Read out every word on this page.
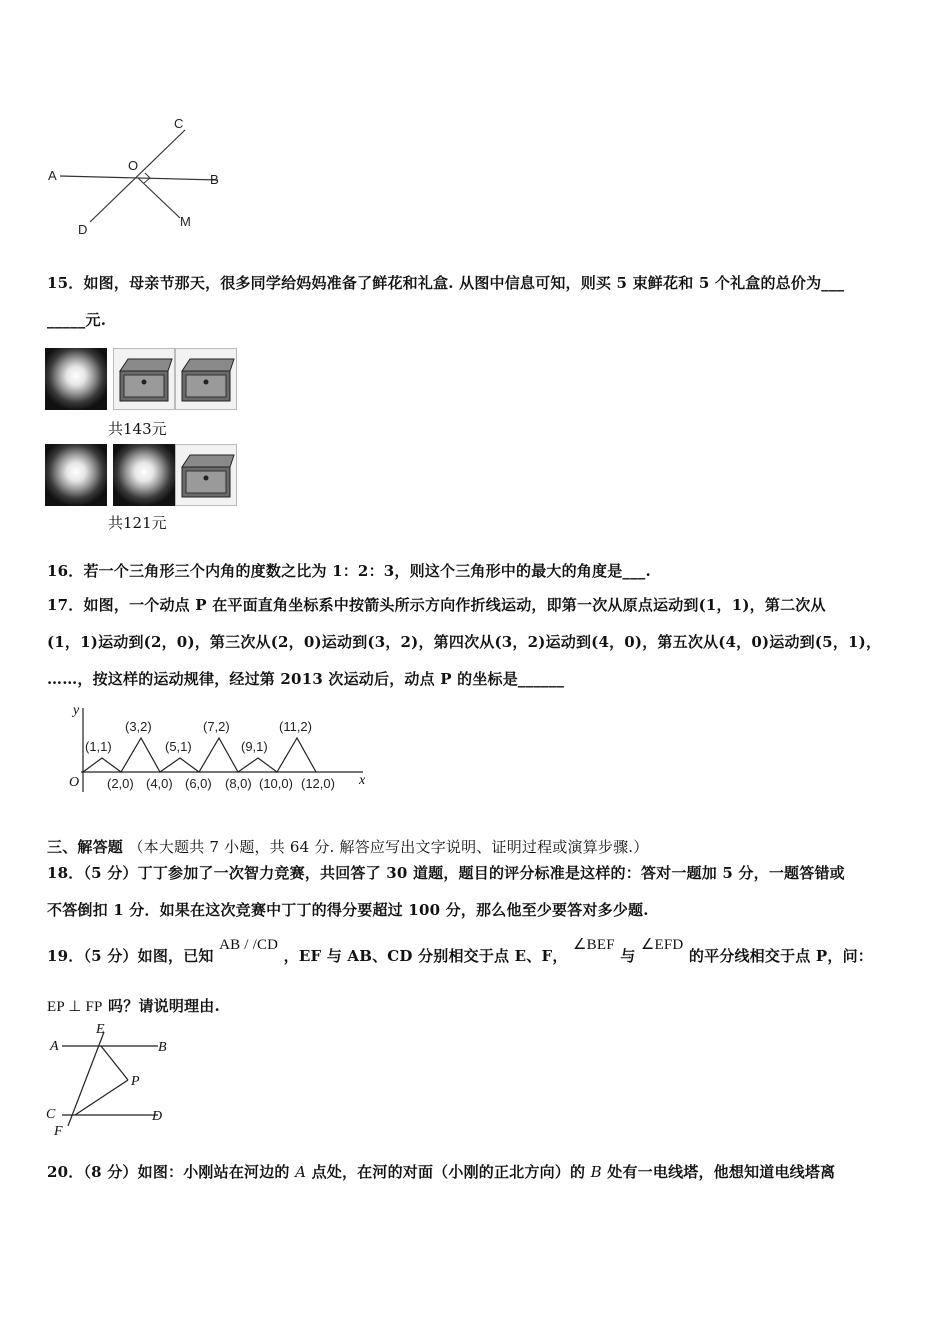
C
A
O
B
D
M
15．如图，母亲节那天，很多同学给妈妈准备了鲜花和礼盒. 从图中信息可知，则买 5 束鲜花和 5 个礼盒的总价为___
_____元.
共143元
共121元
16．若一个三角形三个内角的度数之比为 1：2：3，则这个三角形中的最大的角度是___.
17．如图，一个动点 P 在平面直角坐标系中按箭头所示方向作折线运动，即第一次从原点运动到(1，1)，第二次从
(1，1)运动到(2，0)，第三次从(2，0)运动到(3，2)，第四次从(3，2)运动到(4，0)，第五次从(4，0)运动到(5，1)，
……，按这样的运动规律，经过第 2013 次运动后，动点 P 的坐标是______
y
x
O
(1,1)
(3,2)
(5,1)
(7,2)
(9,1)
(11,2)
(2,0) (4,0) (6,0) (8,0) (10,0) (12,0)
三、解答题 （本大题共 7 小题，共 64 分. 解答应写出文字说明、证明过程或演算步骤.）
18．（5 分）丁丁参加了一次智力竞赛，共回答了 30 道题，题目的评分标准是这样的：答对一题加 5 分，一题答错或
不答倒扣 1 分．如果在这次竞赛中丁丁的得分要超过 100 分，那么他至少要答对多少题.
19．（5 分）如图，已知 AB / /CD ，EF 与 AB、CD 分别相交于点 E、F， ∠BEF 与 ∠EFD 的平分线相交于点 P，问：
EP ⊥ FP 吗？请说明理由.
A	B
E
P
C	D
F
20．（8 分）如图：小刚站在河边的 A 点处，在河的对面（小刚的正北方向）的 B 处有一电线塔，他想知道电线塔离
